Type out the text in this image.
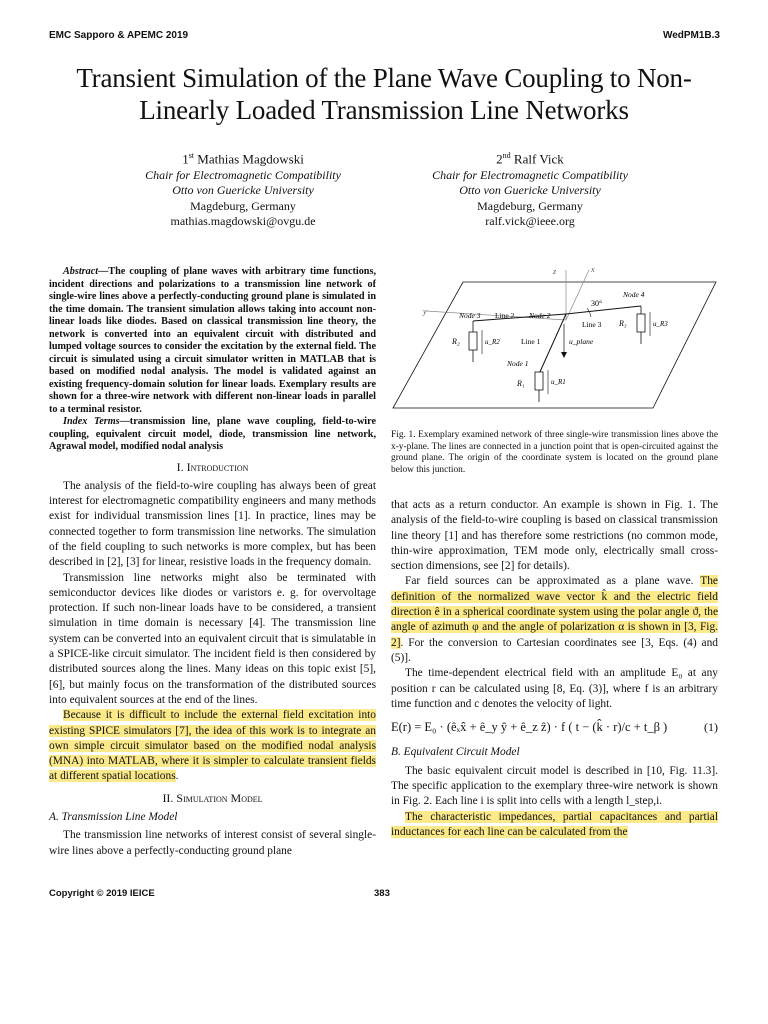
EMC Sapporo & APEMC 2019	WedPM1B.3
Transient Simulation of the Plane Wave Coupling to Non-Linearly Loaded Transmission Line Networks
1st Mathias Magdowski
Chair for Electromagnetic Compatibility
Otto von Guericke University
Magdeburg, Germany
mathias.magdowski@ovgu.de
2nd Ralf Vick
Chair for Electromagnetic Compatibility
Otto von Guericke University
Magdeburg, Germany
ralf.vick@ieee.org

Abstract—The coupling of plane waves with arbitrary time functions, incident directions and polarizations to a transmission line network of single-wire lines above a perfectly-conducting ground plane is simulated in the time domain. The transient simulation allows taking into account non-linear loads like diodes. Based on classical transmission line theory, the network is converted into an equivalent circuit with distributed and lumped voltage sources to consider the excitation by the external field. The circuit is simulated using a circuit simulator written in MATLAB that is based on modified nodal analysis. The model is validated against an existing frequency-domain solution for linear loads. Exemplary results are shown for a three-wire network with different non-linear loads in parallel to a terminal resistor.

Index Terms—transmission line, plane wave coupling, field-to-wire coupling, equivalent circuit model, diode, transmission line network, Agrawal model, modified nodal analysis

I. Introduction

The analysis of the field-to-wire coupling has always been of great interest for electromagnetic compatibility engineers and many methods exist for individual transmission lines [1]. In practice, lines may be connected together to form transmission line networks. The simulation of the field coupling to such networks is more complex, but has been described in [2], [3] for linear, resistive loads in the frequency domain.

Transmission line networks might also be terminated with semiconductor devices like diodes or varistors e. g. for overvoltage protection. If such non-linear loads have to be considered, a transient simulation in time domain is necessary [4]. The transmission line system can be converted into an equivalent circuit that is simulatable in a SPICE-like circuit simulator. The incident field is then considered by distributed sources along the lines. Many ideas on this topic exist [5], [6], but mainly focus on the transformation of the distributed sources into equivalent sources at the end of the lines.

Because it is difficult to include the external field excitation into existing SPICE simulators [7], the idea of this work is to integrate an own simple circuit simulator based on the modified nodal analysis (MNA) into MATLAB, where it is simpler to calculate transient fields at different spatial locations.

II. Simulation Model
A. Transmission Line Model

The transmission line networks of interest consist of several single-wire lines above a perfectly-conducting ground plane

z	x
y
30°
Node 3	Node 2
Node 1
Node 4
Line 2
Line 1
Line 3
u_plane
R₂	u_R2
R₁	u_R1
R₃	u_R3
Fig. 1. Exemplary examined network of three single-wire transmission lines above the x-y-plane. The lines are connected in a junction point that is open-circuited against the ground plane. The origin of the coordinate system is located on the ground plane below this junction.

that acts as a return conductor. An example is shown in Fig. 1. The analysis of the field-to-wire coupling is based on classical transmission line theory [1] and has therefore some restrictions (no common mode, thin-wire approximation, TEM mode only, electrically small cross-section dimensions, see [2] for details).

Far field sources can be approximated as a plane wave. The definition of the normalized wave vector k̂ and the electric field direction ê in a spherical coordinate system using the polar angle ϑ, the angle of azimuth φ and the angle of polarization α is shown in [3, Fig. 2]. For the conversion to Cartesian coordinates see [3, Eqs. (4) and (5)].

The time-dependent electrical field with an amplitude E₀ at any position r can be calculated using [8, Eq. (3)], where f is an arbitrary time function and c denotes the velocity of light.

E(r) = E₀ · (êₓx̂ + ê_y ŷ + ê_z ẑ) · f ( t − (k̂ · r)/c + t_β )	(1)
B. Equivalent Circuit Model

The basic equivalent circuit model is described in [10, Fig. 11.3]. The specific application to the exemplary three-wire network is shown in Fig. 2. Each line i is split into cells with a length l_step,i.

The characteristic impedances, partial capacitances and partial inductances for each line can be calculated from the

Copyright © 2019 IEICE	383
